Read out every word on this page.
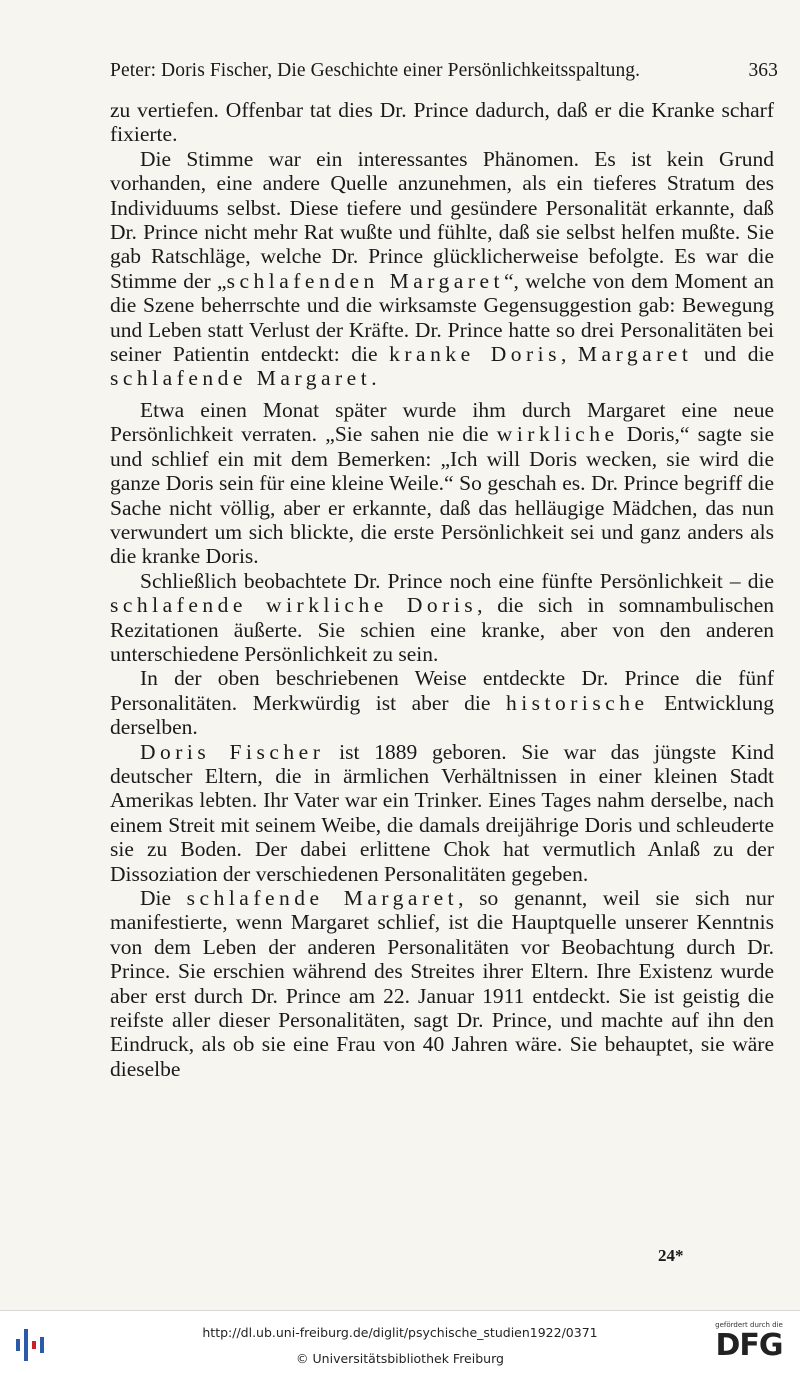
Peter: Doris Fischer, Die Geschichte einer Persönlichkeitsspaltung.	363

zu vertiefen. Offenbar tat dies Dr. Prince dadurch, daß er die Kranke scharf fixierte.

Die Stimme war ein interessantes Phänomen. Es ist kein Grund vorhanden, eine andere Quelle anzunehmen, als ein tieferes Stratum des Individuums selbst. Diese tiefere und gesündere Personalität erkannte, daß Dr. Prince nicht mehr Rat wußte und fühlte, daß sie selbst helfen mußte. Sie gab Ratschläge, welche Dr. Prince glücklicherweise befolgte. Es war die Stimme der „schlafenden Margaret“, welche von dem Moment an die Szene beherrschte und die wirksamste Gegensuggestion gab: Bewegung und Leben statt Verlust der Kräfte. Dr. Prince hatte so drei Personalitäten bei seiner Patientin entdeckt: die kranke Doris, Margaret und die schlafende Margaret.

Etwa einen Monat später wurde ihm durch Margaret eine neue Persönlichkeit verraten. „Sie sahen nie die wirkliche Doris,“ sagte sie und schlief ein mit dem Bemerken: „Ich will Doris wecken, sie wird die ganze Doris sein für eine kleine Weile.“ So geschah es. Dr. Prince begriff die Sache nicht völlig, aber er erkannte, daß das helläugige Mädchen, das nun verwundert um sich blickte, die erste Persönlichkeit sei und ganz anders als die kranke Doris.

Schließlich beobachtete Dr. Prince noch eine fünfte Persönlichkeit – die schlafende wirkliche Doris, die sich in somnambulischen Rezitationen äußerte. Sie schien eine kranke, aber von den anderen unterschiedene Persönlichkeit zu sein.

In der oben beschriebenen Weise entdeckte Dr. Prince die fünf Personalitäten. Merkwürdig ist aber die historische Entwicklung derselben.

Doris Fischer ist 1889 geboren. Sie war das jüngste Kind deutscher Eltern, die in ärmlichen Verhältnissen in einer kleinen Stadt Amerikas lebten. Ihr Vater war ein Trinker. Eines Tages nahm derselbe, nach einem Streit mit seinem Weibe, die damals dreijährige Doris und schleuderte sie zu Boden. Der dabei erlittene Chok hat vermutlich Anlaß zu der Dissoziation der verschiedenen Personalitäten gegeben.

Die schlafende Margaret, so genannt, weil sie sich nur manifestierte, wenn Margaret schlief, ist die Hauptquelle unserer Kenntnis von dem Leben der anderen Personalitäten vor Beobachtung durch Dr. Prince. Sie erschien während des Streites ihrer Eltern. Ihre Existenz wurde aber erst durch Dr. Prince am 22. Januar 1911 entdeckt. Sie ist geistig die reifste aller dieser Personalitäten, sagt Dr. Prince, und machte auf ihn den Eindruck, als ob sie eine Frau von 40 Jahren wäre. Sie behauptet, sie wäre dieselbe

24*
http://dl.ub.uni-freiburg.de/diglit/psychische_studien1922/0371
© Universitätsbibliothek Freiburg
gefördert durch die
DFG
